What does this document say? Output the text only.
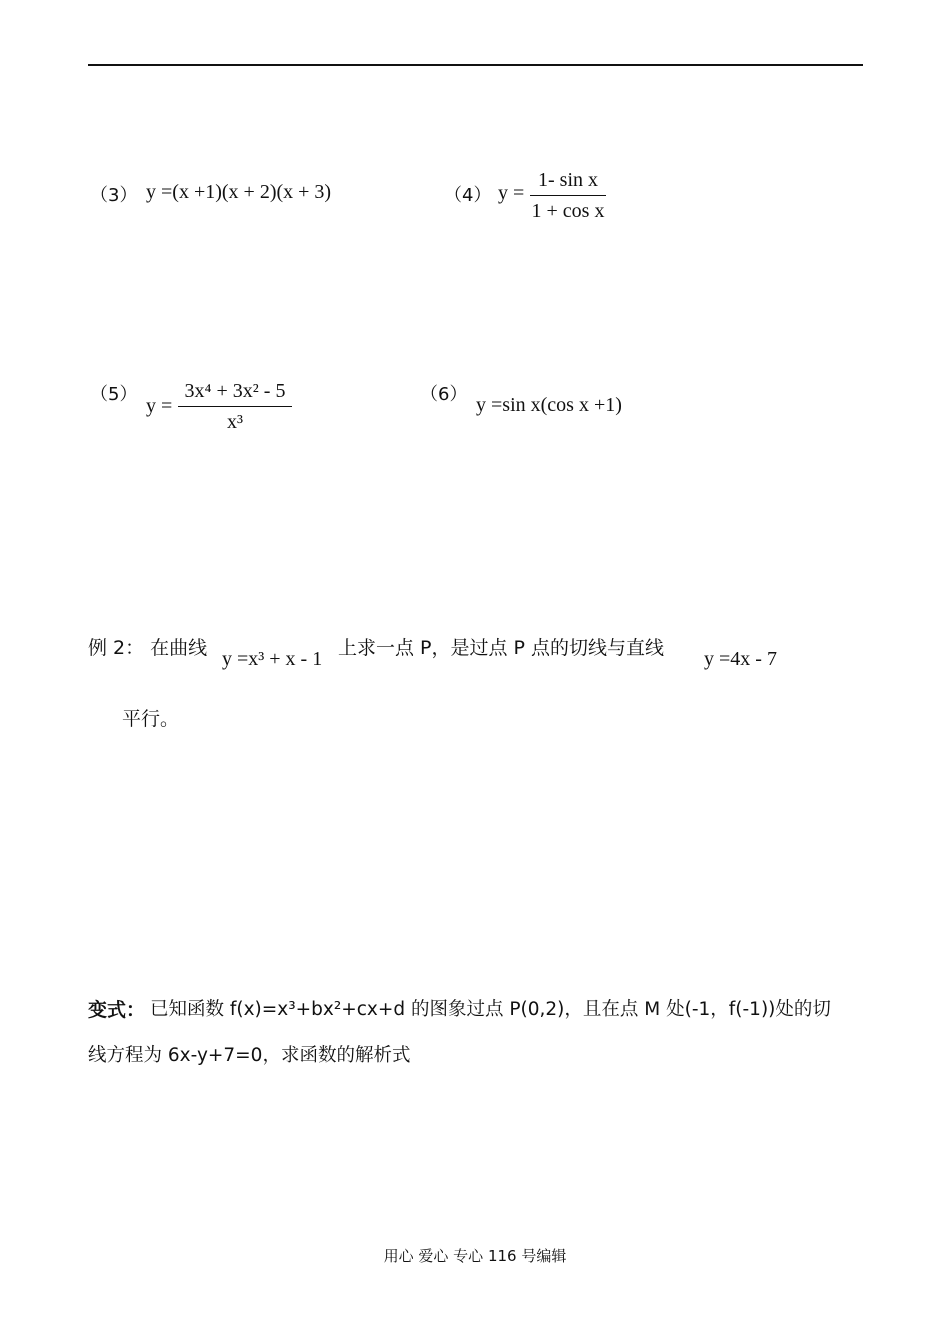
（3） y =(x +1)(x + 2)(x + 3)	（4） y =
1- sin x
1 + cos x
（5）
y =
3x⁴ + 3x² - 5
x³
（6） y =sin x(cos x +1)
例 2： 在曲线 y =x³ + x - 1 上求一点 P，是过点 P 点的切线与直线 y =4x - 7
平行。
变式： 已知函数 f(x)=x³+bx²+cx+d 的图象过点 P(0,2)，且在点 M 处(-1，f(-1))处的切
线方程为 6x-y+7=0，求函数的解析式
用心 爱心 专心 116 号编辑
